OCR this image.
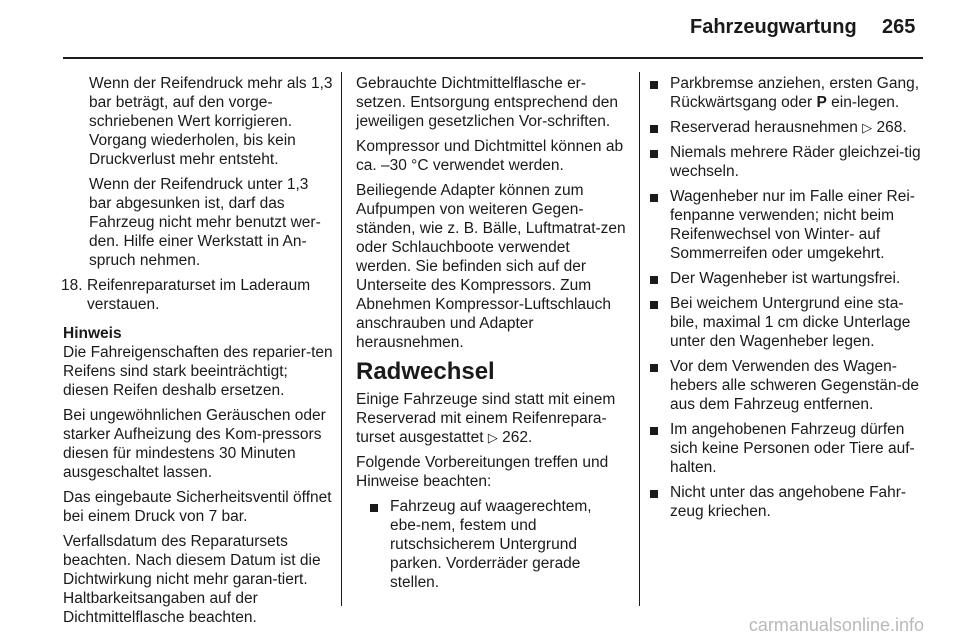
Fahrzeugwartung 265

Wenn der Reifendruck mehr als 1,3 bar beträgt, auf den vorge-schriebenen Wert korrigieren. Vorgang wiederholen, bis kein Druckverlust mehr entsteht.

Wenn der Reifendruck unter 1,3 bar abgesunken ist, darf das Fahrzeug nicht mehr benutzt wer-den. Hilfe einer Werkstatt in An-spruch nehmen.

18. Reifenreparaturset im Laderaum verstauen.
Hinweis

Die Fahreigenschaften des reparier-ten Reifens sind stark beeinträchtigt; diesen Reifen deshalb ersetzen.

Bei ungewöhnlichen Geräuschen oder starker Aufheizung des Kom-pressors diesen für mindestens 30 Minuten ausgeschaltet lassen.

Das eingebaute Sicherheitsventil öffnet bei einem Druck von 7 bar.

Verfallsdatum des Reparatursets beachten. Nach diesem Datum ist die Dichtwirkung nicht mehr garan-tiert. Haltbarkeitsangaben auf der Dichtmittelflasche beachten.

Gebrauchte Dichtmittelflasche er-setzen. Entsorgung entsprechend den jeweiligen gesetzlichen Vor-schriften.

Kompressor und Dichtmittel können ab ca. –30 °C verwendet werden.

Beiliegende Adapter können zum Aufpumpen von weiteren Gegen-ständen, wie z. B. Bälle, Luftmatrat-zen oder Schlauchboote verwendet werden. Sie befinden sich auf der Unterseite des Kompressors. Zum Abnehmen Kompressor-Luftschlauch anschrauben und Adapter herausnehmen.

Radwechsel

Einige Fahrzeuge sind statt mit einem Reserverad mit einem Reifenrepara-turset ausgestattet ▷ 262.

Folgende Vorbereitungen treffen und Hinweise beachten:

Fahrzeug auf waagerechtem, ebe-nem, festem und rutschsicherem Untergrund parken. Vorderräder gerade stellen.
Parkbremse anziehen, ersten Gang, Rückwärtsgang oder P ein-legen.
Reserverad herausnehmen ▷ 268.
Niemals mehrere Räder gleichzei-tig wechseln.
Wagenheber nur im Falle einer Rei-fenpanne verwenden; nicht beim Reifenwechsel von Winter- auf Sommerreifen oder umgekehrt.
Der Wagenheber ist wartungsfrei.
Bei weichem Untergrund eine sta-bile, maximal 1 cm dicke Unterlage unter den Wagenheber legen.
Vor dem Verwenden des Wagen-hebers alle schweren Gegenstän-de aus dem Fahrzeug entfernen.
Im angehobenen Fahrzeug dürfen sich keine Personen oder Tiere auf-halten.
Nicht unter das angehobene Fahr-zeug kriechen.
carmanualsonline.info
